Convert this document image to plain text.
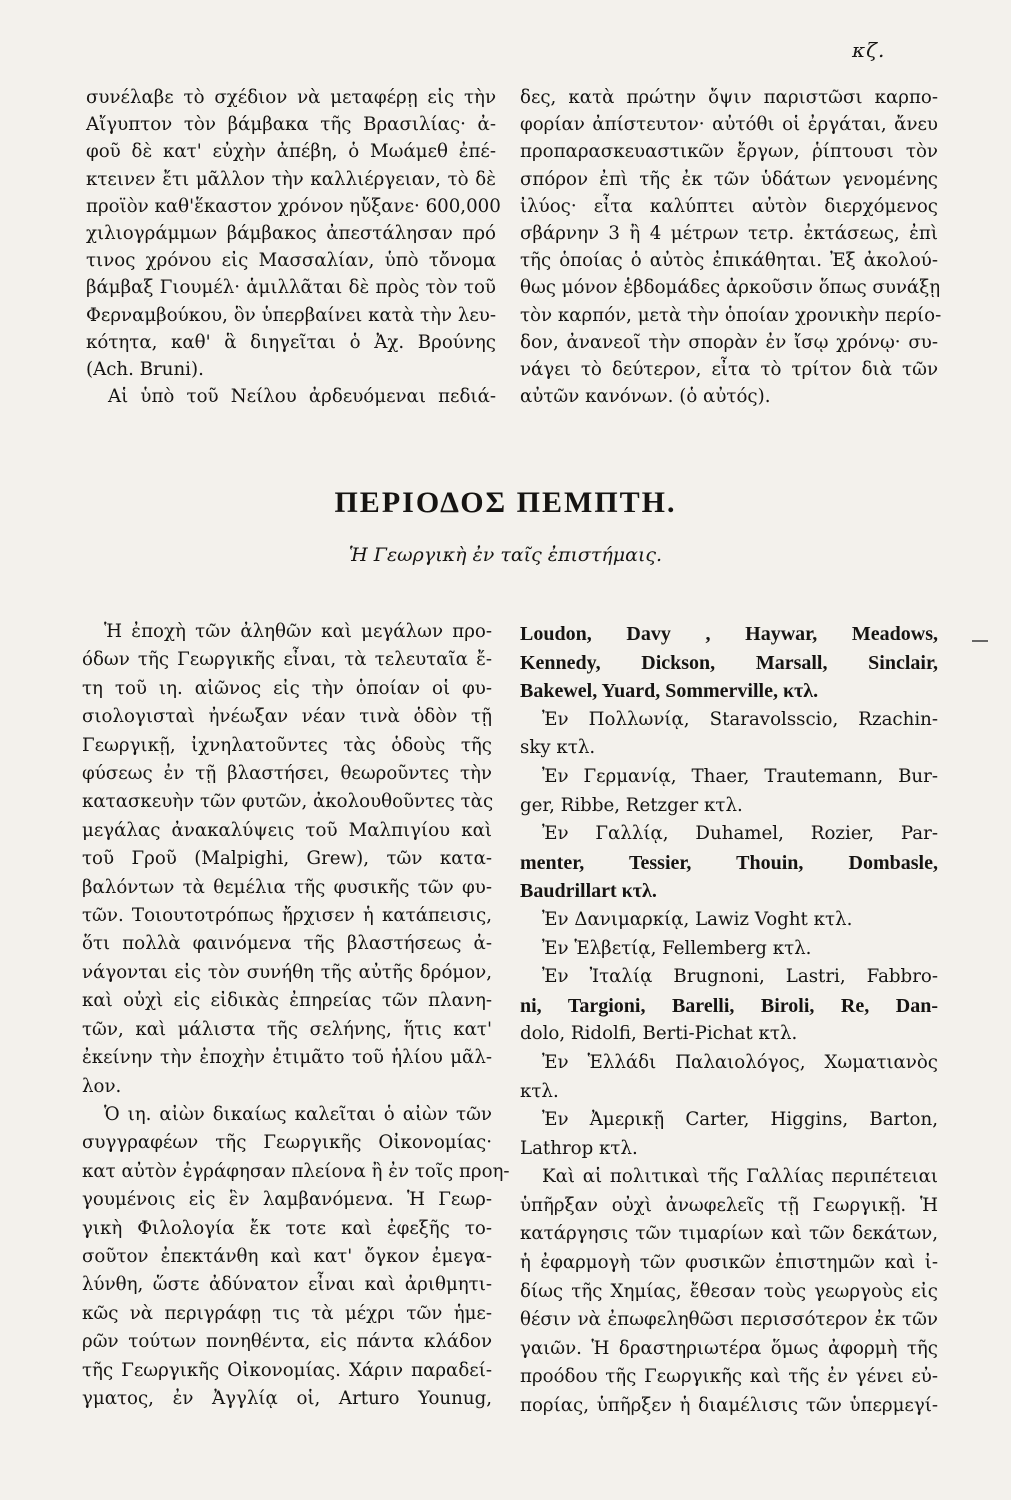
κζ.
συνέλαβε τὸ σχέδιον νὰ μεταφέρῃ εἰς τὴν
Αἴγυπτον τὸν βάμβακα τῆς Βρασιλίας· ἀ-
φοῦ δὲ κατ' εὐχὴν ἀπέβη, ὁ Μωάμεθ ἐπέ-
κτεινεν ἔτι μᾶλλον τὴν καλλιέργειαν, τὸ δὲ
προϊὸν καθ'ἕκαστον χρόνον ηὔξανε· 600,000
χιλιογράμμων βάμβακος ἀπεστάλησαν πρό
τινος χρόνου εἰς Μασσαλίαν, ὑπὸ τὄνομα
βάμβαξ Γιουμέλ· ἁμιλλᾶται δὲ πρὸς τὸν τοῦ
Φερναμβούκου, ὃν ὑπερβαίνει κατὰ τὴν λευ-
κότητα, καθ' ἃ διηγεῖται ὁ Ἀχ. Βρούνης
(Ach. Bruni).
Αἱ ὑπὸ τοῦ Νείλου ἀρδευόμεναι πεδιά-
δες, κατὰ πρώτην ὄψιν παριστῶσι καρπο-
φορίαν ἀπίστευτον· αὐτόθι οἱ ἐργάται, ἄνευ
προπαρασκευαστικῶν ἔργων, ῥίπτουσι τὸν
σπόρον ἐπὶ τῆς ἐκ τῶν ὑδάτων γενομένης
ἰλύος· εἶτα καλύπτει αὐτὸν διερχόμενος
σβάρνην 3 ἢ 4 μέτρων τετρ. ἐκτάσεως, ἐπὶ
τῆς ὁποίας ὁ αὐτὸς ἐπικάθηται. Ἐξ ἀκολού-
θως μόνον ἑβδομάδες ἀρκοῦσιν ὅπως συνάξῃ
τὸν καρπόν, μετὰ τὴν ὁποίαν χρονικὴν περίο-
δον, ἀνανεοῖ τὴν σπορὰν ἐν ἴσῳ χρόνῳ· συ-
νάγει τὸ δεύτερον, εἶτα τὸ τρίτον διὰ τῶν
αὐτῶν κανόνων. (ὁ αὐτός).
ΠΕΡΙΟΔΟΣ ΠΕΜΠΤΗ.
Ἡ Γεωργικὴ ἐν ταῖς ἐπιστήμαις.
Ἡ ἐποχὴ τῶν ἀληθῶν καὶ μεγάλων προ-
όδων τῆς Γεωργικῆς εἶναι, τὰ τελευταῖα ἔ-
τη τοῦ ιη. αἰῶνος εἰς τὴν ὁποίαν οἱ φυ-
σιολογισταὶ ἠνέωξαν νέαν τινὰ ὁδὸν τῇ
Γεωργικῇ, ἰχνηλατοῦντες τὰς ὁδοὺς τῆς
φύσεως ἐν τῇ βλαστήσει, θεωροῦντες τὴν
κατασκευὴν τῶν φυτῶν, ἀκολουθοῦντες τὰς
μεγάλας ἀνακαλύψεις τοῦ Μαλπιγίου καὶ
τοῦ Γροῦ (Malpighi, Grew), τῶν κατα-
βαλόντων τὰ θεμέλια τῆς φυσικῆς τῶν φυ-
τῶν. Τοιουτοτρόπως ἤρχισεν ἡ κατάπεισις,
ὅτι πολλὰ φαινόμενα τῆς βλαστήσεως ἀ-
νάγονται εἰς τὸν συνήθη τῆς αὐτῆς δρόμον,
καὶ οὐχὶ εἰς εἰδικὰς ἐπηρείας τῶν πλανη-
τῶν, καὶ μάλιστα τῆς σελήνης, ἥτις κατ'
ἐκείνην τὴν ἐποχὴν ἐτιμᾶτο τοῦ ἡλίου μᾶλ-
λον.
Ὁ ιη. αἰὼν δικαίως καλεῖται ὁ αἰὼν τῶν
συγγραφέων τῆς Γεωργικῆς Οἰκονομίας·
κατ αὐτὸν ἐγράφησαν πλείονα ἢ ἐν τοῖς προη-
γουμένοις εἰς ἓν λαμβανόμενα. Ἡ Γεωρ-
γικὴ Φιλολογία ἔκ τοτε καὶ ἐφεξῆς το-
σοῦτον ἐπεκτάνθη καὶ κατ' ὄγκον ἐμεγα-
λύνθη, ὥστε ἀδύνατον εἶναι καὶ ἀριθμητι-
κῶς νὰ περιγράφῃ τις τὰ μέχρι τῶν ἡμε-
ρῶν τούτων πονηθέντα, εἰς πάντα κλάδον
τῆς Γεωργικῆς Οἰκονομίας. Χάριν παραδεί-
γματος, ἐν Ἀγγλίᾳ οἱ, Arturo Younug,
Loudon, Davy , Haywar, Meadows,
Kennedy, Dickson, Marsall, Sinclair,
Bakewel, Yuard, Sommerville, κτλ.
Ἐν Πολλωνίᾳ, Staravolsscio, Rzachin-
sky κτλ.
Ἐν Γερμανίᾳ, Thaer, Trautemann, Bur-
ger, Ribbe, Retzger κτλ.
Ἐν Γαλλίᾳ, Duhamel, Rozier, Par-
menter, Tessier, Thouin, Dombasle,
Baudrillart κτλ.
Ἐν Δανιμαρκίᾳ, Lawiz Voght κτλ.
Ἐν Ἑλβετίᾳ, Fellemberg κτλ.
Ἐν Ἰταλίᾳ Brugnoni, Lastri, Fabbro-
ni, Targioni, Barelli, Biroli, Re, Dan-
dolo, Ridolfi, Berti-Pichat κτλ.
Ἐν Ἑλλάδι Παλαιολόγος, Χωματιανὸς
κτλ.
Ἐν Ἀμερικῇ Carter, Higgins, Barton,
Lathrop κτλ.
Καὶ αἱ πολιτικαὶ τῆς Γαλλίας περιπέτειαι
ὑπῆρξαν οὐχὶ ἀνωφελεῖς τῇ Γεωργικῇ. Ἡ
κατάργησις τῶν τιμαρίων καὶ τῶν δεκάτων,
ἡ ἐφαρμογὴ τῶν φυσικῶν ἐπιστημῶν καὶ ἰ-
δίως τῆς Χημίας, ἔθεσαν τοὺς γεωργοὺς εἰς
θέσιν νὰ ἐπωφεληθῶσι περισσότερον ἐκ τῶν
γαιῶν. Ἡ δραστηριωτέρα ὅμως ἀφορμὴ τῆς
προόδου τῆς Γεωργικῆς καὶ τῆς ἐν γένει εὐ-
πορίας, ὑπῆρξεν ἡ διαμέλισις τῶν ὑπερμεγί-
